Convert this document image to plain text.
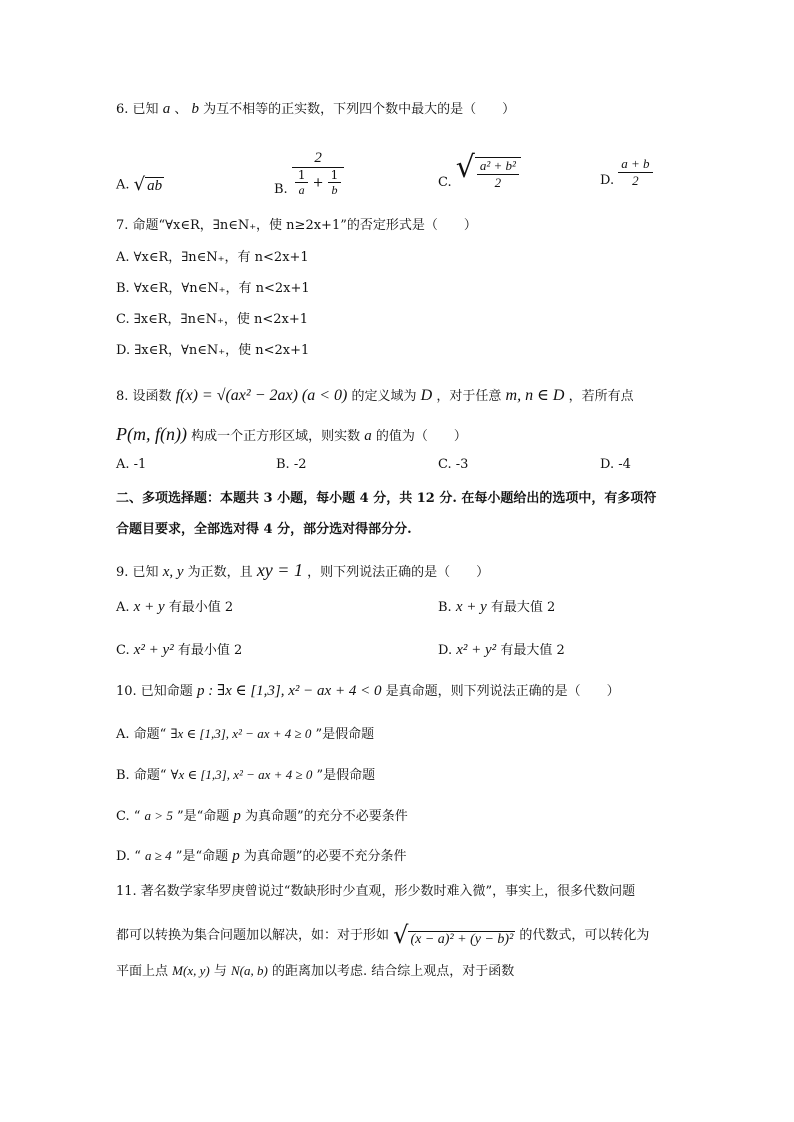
6. 已知 a 、 b 为互不相等的正实数，下列四个数中最大的是（　　）
A. √ ab	B. $\frac{2}{\frac{1}{a} + \frac{1}{b}}$	C. √ $\frac{\text{a² + b²}}{2}$	D. $\frac{a + b}{2}$
7. 命题“∀x∈R，∃n∈N₊，使 n≥2x+1”的否定形式是（　　）
A. ∀x∈R，∃n∈N₊，有 n<2x+1
B. ∀x∈R，∀n∈N₊，有 n<2x+1
C. ∃x∈R，∃n∈N₊，使 n<2x+1
D. ∃x∈R，∀n∈N₊，使 n<2x+1
8. 设函数 f(x) = √(ax² − 2ax) (a < 0) 的定义域为 D ，对于任意 m, n ∈ D ，若所有点
P(m, f(n)) 构成一个正方形区域，则实数 a 的值为（　　）
A. -1	B. -2	C. -3	D. -4
二、多项选择题：本题共 3 小题，每小题 4 分，共 12 分. 在每小题给出的选项中，有多项符
合题目要求，全部选对得 4 分，部分选对得部分分.
9. 已知 x, y 为正数，且 xy = 1 ，则下列说法正确的是（　　）
A. x + y 有最小值 2	B. x + y 有最大值 2
C. x² + y² 有最小值 2	D. x² + y² 有最大值 2
10. 已知命题 p : ∃x ∈ [1,3], x² − ax + 4 < 0 是真命题，则下列说法正确的是（　　）
A. 命题“ ∃x ∈ [1,3], x² − ax + 4 ≥ 0 ”是假命题
B. 命题“ ∀x ∈ [1,3], x² − ax + 4 ≥ 0 ”是假命题
C. “ a > 5 ”是“命题 p 为真命题”的充分不必要条件
D. “ a ≥ 4 ”是“命题 p 为真命题”的必要不充分条件
11. 著名数学家华罗庚曾说过“数缺形时少直观，形少数时难入微”，事实上，很多代数问题
都可以转换为集合问题加以解决，如：对于形如 √ (x − a)² + (y − b)² 的代数式，可以转化为
平面上点 M(x, y) 与 N(a, b) 的距离加以考虑. 结合综上观点，对于函数
